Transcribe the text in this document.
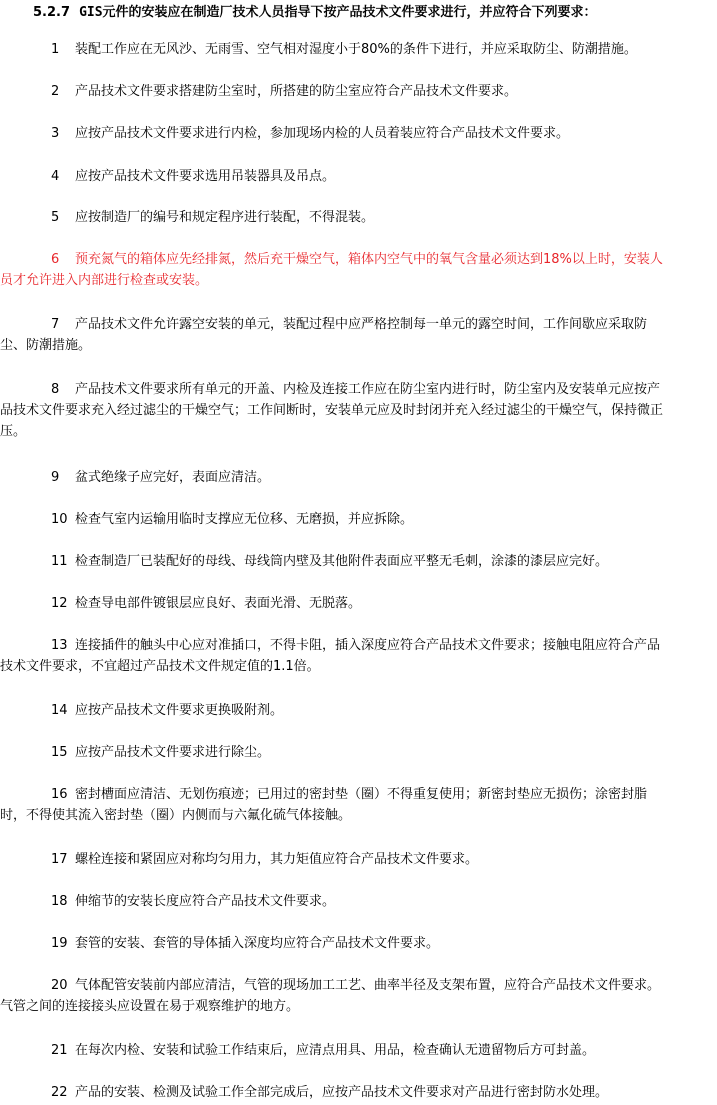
5.2.7 GIS元件的安装应在制造厂技术人员指导下按产品技术文件要求进行，并应符合下列要求：
1 装配工作应在无风沙、无雨雪、空气相对湿度小于80%的条件下进行，并应采取防尘、防潮措施。
2 产品技术文件要求搭建防尘室时，所搭建的防尘室应符合产品技术文件要求。
3 应按产品技术文件要求进行内检，参加现场内检的人员着装应符合产品技术文件要求。
4 应按产品技术文件要求选用吊装器具及吊点。
5 应按制造厂的编号和规定程序进行装配，不得混装。
6 预充氮气的箱体应先经排氮，然后充干燥空气，箱体内空气中的氧气含量必须达到18%以上时，安装人
员才允许进入内部进行检查或安装。
7 产品技术文件允许露空安装的单元，装配过程中应严格控制每一单元的露空时间，工作间歇应采取防
尘、防潮措施。
8 产品技术文件要求所有单元的开盖、内检及连接工作应在防尘室内进行时，防尘室内及安装单元应按产
品技术文件要求充入经过滤尘的干燥空气；工作间断时，安装单元应及时封闭并充入经过滤尘的干燥空气，保持微正
压。
9 盆式绝缘子应完好，表面应清洁。
10 检查气室内运输用临时支撑应无位移、无磨损，并应拆除。
11 检查制造厂已装配好的母线、母线筒内壁及其他附件表面应平整无毛刺，涂漆的漆层应完好。
12 检查导电部件镀银层应良好、表面光滑、无脱落。
13 连接插件的触头中心应对准插口，不得卡阻，插入深度应符合产品技术文件要求；接触电阻应符合产品
技术文件要求，不宜超过产品技术文件规定值的1.1倍。
14 应按产品技术文件要求更换吸附剂。
15 应按产品技术文件要求进行除尘。
16 密封槽面应清洁、无划伤痕迹；已用过的密封垫（圈）不得重复使用；新密封垫应无损伤；涂密封脂
时，不得使其流入密封垫（圈）内侧而与六氟化硫气体接触。
17 螺栓连接和紧固应对称均匀用力，其力矩值应符合产品技术文件要求。
18 伸缩节的安装长度应符合产品技术文件要求。
19 套管的安装、套管的导体插入深度均应符合产品技术文件要求。
20 气体配管安装前内部应清洁，气管的现场加工工艺、曲率半径及支架布置，应符合产品技术文件要求。
气管之间的连接接头应设置在易于观察维护的地方。
21 在每次内检、安装和试验工作结束后，应清点用具、用品，检查确认无遗留物后方可封盖。
22 产品的安装、检测及试验工作全部完成后，应按产品技术文件要求对产品进行密封防水处理。
